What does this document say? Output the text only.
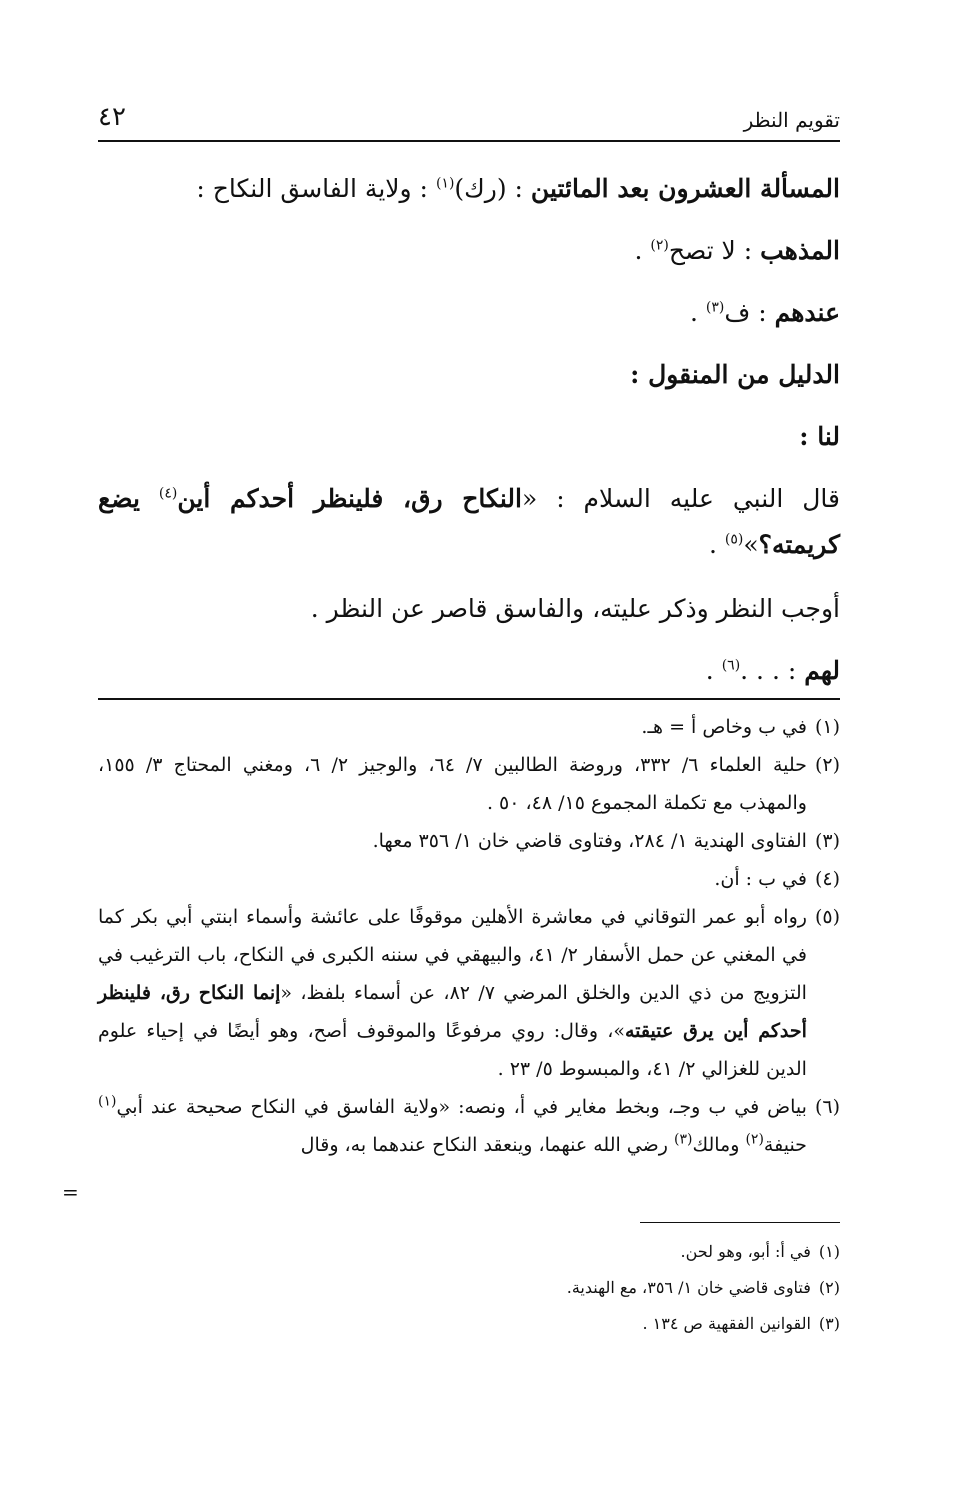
٤٢	تقويم النظر
المسألة العشرون بعد المائتين : (رك)$^{(١)}$ : ولاية الفاسق النكاح :
المذهب : لا تصح$^{(٢)}$ .
عندهم : ف$^{(٣)}$ .
الدليل من المنقول :
لنا :
قال النبي عليه السلام : «النكاح رق، فلينظر أحدكم أين$^{(٤)}$ يضع
كريمته؟»$^{(٥)}$ .
أوجب النظر وذكر عليته، والفاسق قاصر عن النظر .
لهم : . . .$^{(٦)}$ .
(١)
في ب وخاص أ = هـ.
(٢)
حلية العلماء ٦/ ٣٣٢، وروضة الطالبين ٧/ ٦٤، والوجيز ٢/ ٦، ومغني المحتاج ٣/ ١٥٥، والمهذب مع تكملة المجموع ١٥/ ٤٨، ٥٠ .
(٣)
الفتاوى الهندية ١/ ٢٨٤، وفتاوى قاضي خان ١/ ٣٥٦ معها.
(٤)
في ب : أن.
(٥)
رواه أبو عمر التوقاني في معاشرة الأهلين موقوفًا على عائشة وأسماء ابنتي أبي بكر كما في المغني عن حمل الأسفار ٢/ ٤١، والبيهقي في سننه الكبرى في النكاح، باب الترغيب في التزويج من ذي الدين والخلق المرضي ٧/ ٨٢، عن أسماء بلفظ، «إنما النكاح رق، فلينظر أحدكم أين يرق عتيقته»، وقال: روي مرفوعًا والموقوف أصح، وهو أيضًا في إحياء علوم الدين للغزالي ٢/ ٤١، والمبسوط ٥/ ٢٣ .
(٦)
بياض في ب وجـ، وبخط مغاير في أ، ونصه: «ولاية الفاسق في النكاح صحيحة عند أبي$^{(١)}$ حنيفة$^{(٢)}$ ومالك$^{(٣)}$ رضي الله عنهما، وينعقد النكاح عندهما به، وقال
=
(١)
في أ: أبو، وهو لحن.
(٢)
فتاوى قاضي خان ١/ ٣٥٦، مع الهندية.
(٣)
القوانين الفقهية ص ١٣٤ .
